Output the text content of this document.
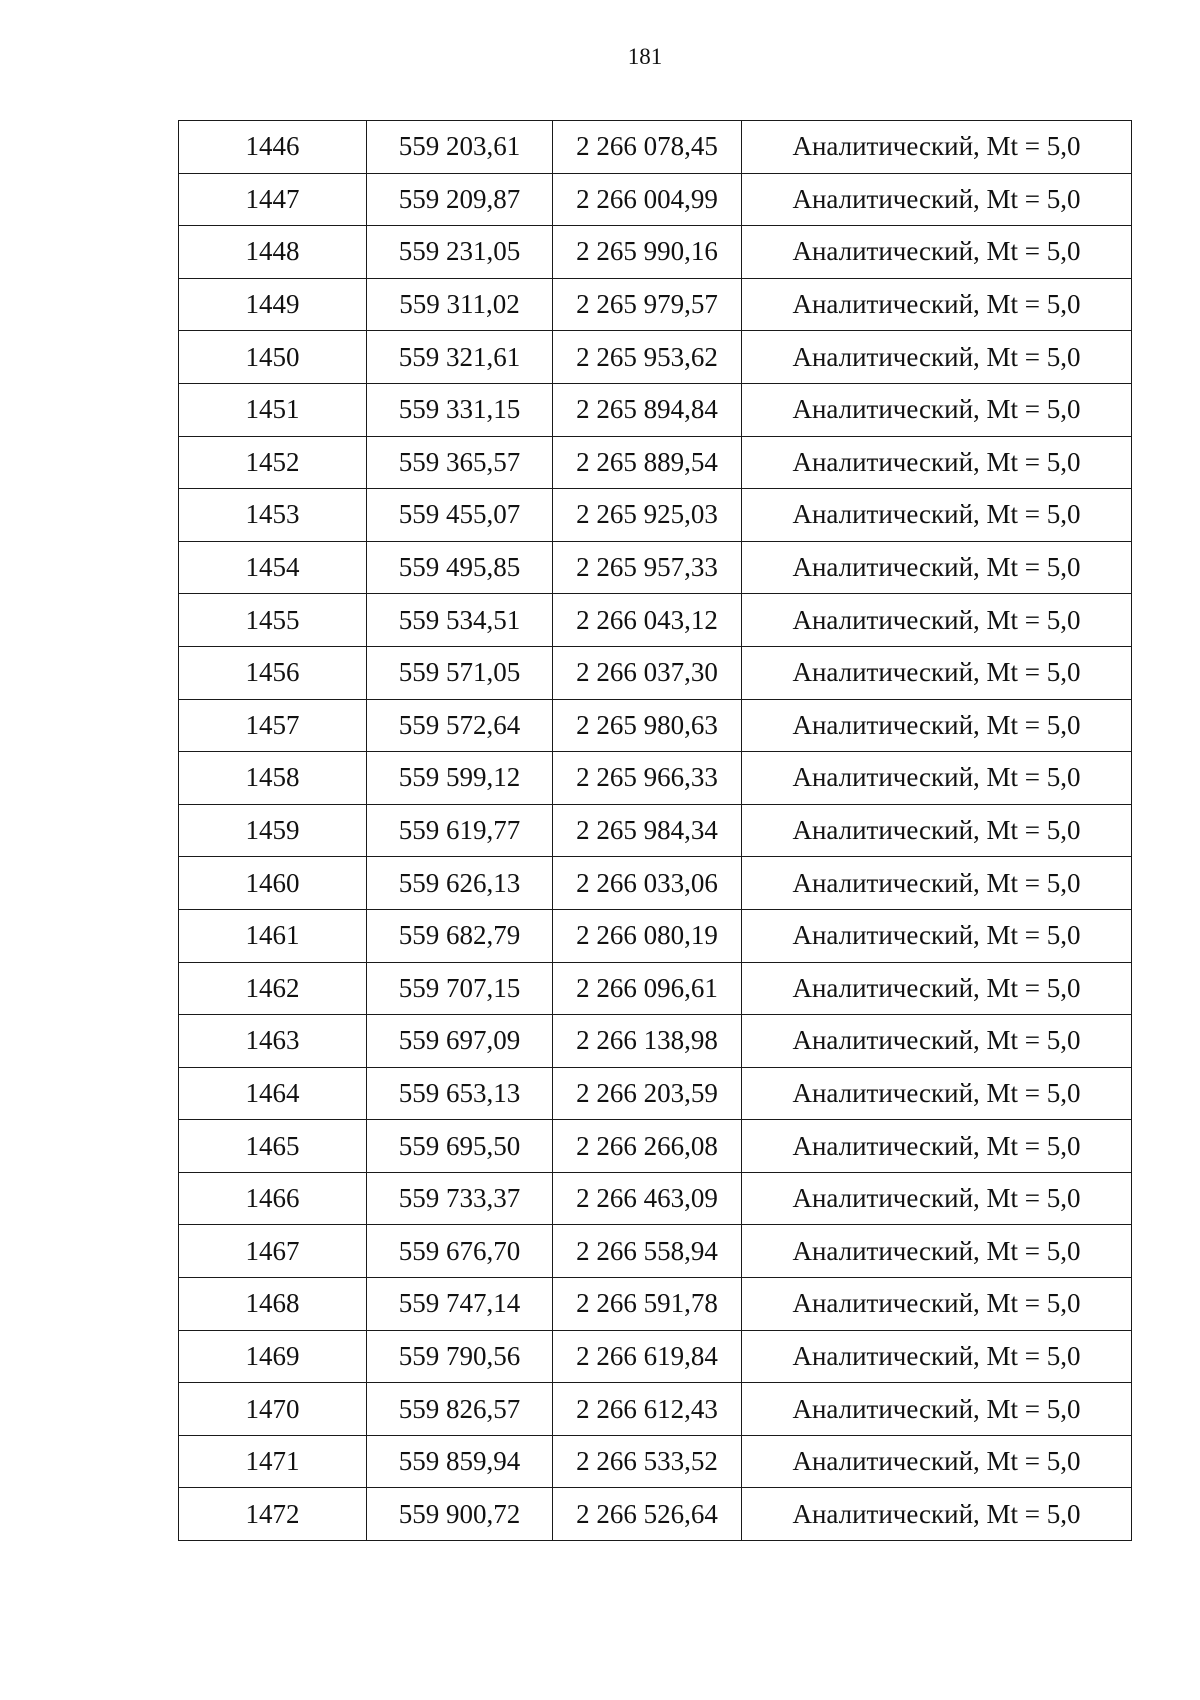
181
1446	559 203,61	2 266 078,45	Аналитический, Mt = 5,0
1447	559 209,87	2 266 004,99	Аналитический, Mt = 5,0
1448	559 231,05	2 265 990,16	Аналитический, Mt = 5,0
1449	559 311,02	2 265 979,57	Аналитический, Mt = 5,0
1450	559 321,61	2 265 953,62	Аналитический, Mt = 5,0
1451	559 331,15	2 265 894,84	Аналитический, Mt = 5,0
1452	559 365,57	2 265 889,54	Аналитический, Mt = 5,0
1453	559 455,07	2 265 925,03	Аналитический, Mt = 5,0
1454	559 495,85	2 265 957,33	Аналитический, Mt = 5,0
1455	559 534,51	2 266 043,12	Аналитический, Mt = 5,0
1456	559 571,05	2 266 037,30	Аналитический, Mt = 5,0
1457	559 572,64	2 265 980,63	Аналитический, Mt = 5,0
1458	559 599,12	2 265 966,33	Аналитический, Mt = 5,0
1459	559 619,77	2 265 984,34	Аналитический, Mt = 5,0
1460	559 626,13	2 266 033,06	Аналитический, Mt = 5,0
1461	559 682,79	2 266 080,19	Аналитический, Mt = 5,0
1462	559 707,15	2 266 096,61	Аналитический, Mt = 5,0
1463	559 697,09	2 266 138,98	Аналитический, Mt = 5,0
1464	559 653,13	2 266 203,59	Аналитический, Mt = 5,0
1465	559 695,50	2 266 266,08	Аналитический, Mt = 5,0
1466	559 733,37	2 266 463,09	Аналитический, Mt = 5,0
1467	559 676,70	2 266 558,94	Аналитический, Mt = 5,0
1468	559 747,14	2 266 591,78	Аналитический, Mt = 5,0
1469	559 790,56	2 266 619,84	Аналитический, Mt = 5,0
1470	559 826,57	2 266 612,43	Аналитический, Mt = 5,0
1471	559 859,94	2 266 533,52	Аналитический, Mt = 5,0
1472	559 900,72	2 266 526,64	Аналитический, Mt = 5,0
